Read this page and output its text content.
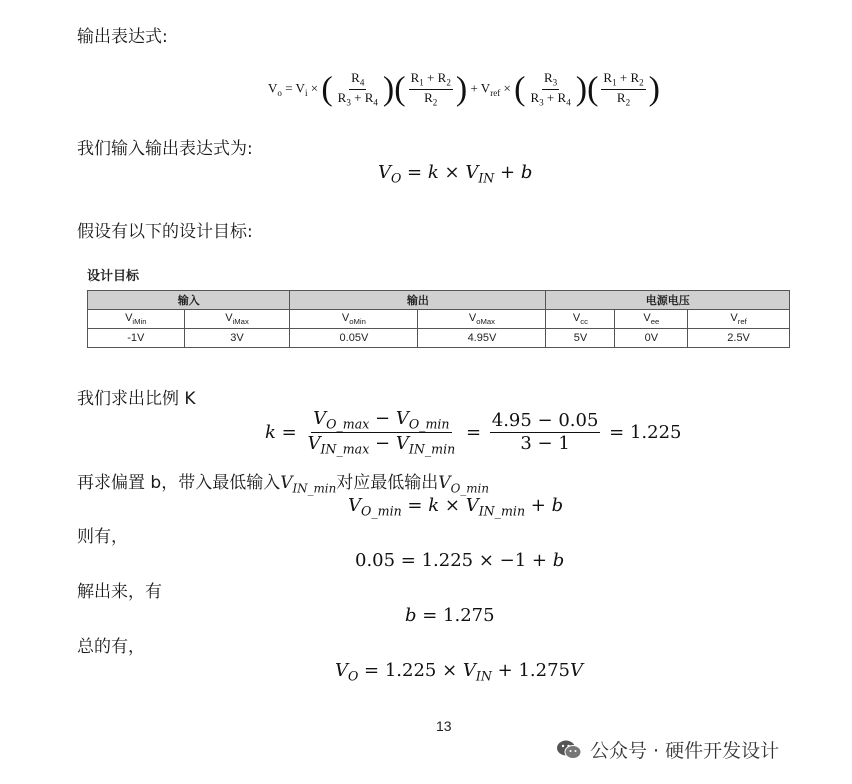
输出表达式:
$V_o = V_i$ × ( $\frac{R_4}{R_3 + R_4}$ )( $\frac{R_1 + R_2}{R_2}$ ) + $V_{ref}$ × ( $\frac{R_3}{R_3 + R_4}$ )( $\frac{R_1 + R_2}{R_2}$ )
我们输入输出表达式为:
$V_O = k \times V_{IN} + b$
假设有以下的设计目标:
设计目标
输入		输出		电源电压		
$V_{iMin}$	$V_{iMax}$	$V_{oMin}$	$V_{oMax}$	$V_{cc}$	$V_{ee}$	$V_{ref}$
-1V	3V	0.05V	4.95V	5V	0V	2.5V
我们求出比例 K
$k = \frac{V_{O\_max} - V_{O\_min}}{V_{IN\_max} - V_{IN\_min}} = \frac{4.95 - 0.05}{3 - 1} = 1.225$
再求偏置 b，带入最低输入$V_{IN\_min}$对应最低输出$V_{O\_min}$
$V_{O\_min} = k \times V_{IN\_min} + b$
则有，
0.05 = 1.225 × −1 + b
解出来，有
b = 1.275
总的有，
$V_O = 1.225 \times V_{IN} + 1.275V$
13
公众号 · 硬件开发设计
